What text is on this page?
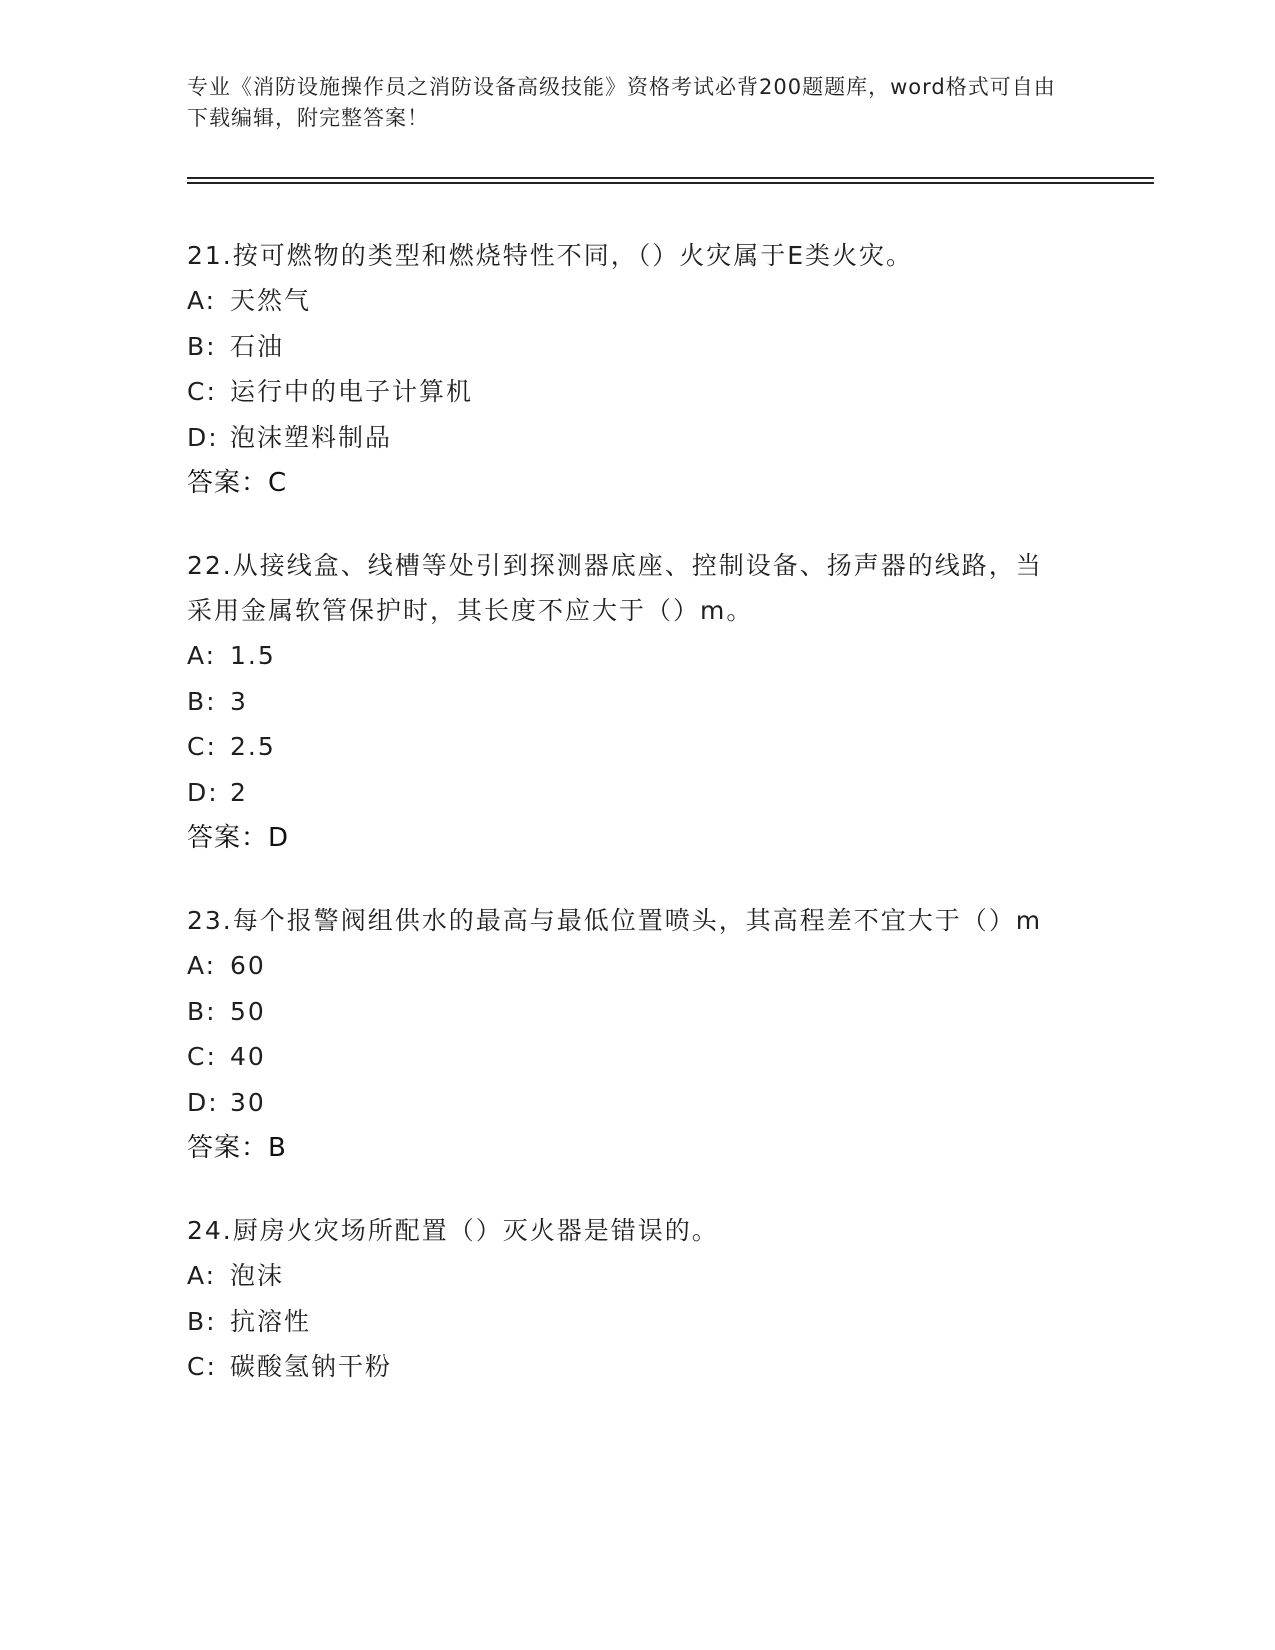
专业《消防设施操作员之消防设备高级技能》资格考试必背200题题库，word格式可自由下载编辑，附完整答案！

21.按可燃物的类型和燃烧特性不同，（）火灾属于E类火灾。

A: 天然气
B: 石油
C: 运行中的电子计算机
D: 泡沫塑料制品
答案：C

22.从接线盒、线槽等处引到探测器底座、控制设备、扬声器的线路，当采用金属软管保护时，其长度不应大于（）m。

A: 1.5
B: 3
C: 2.5
D: 2
答案：D

23.每个报警阀组供水的最高与最低位置喷头，其高程差不宜大于（）m

A: 60
B: 50
C: 40
D: 30
答案：B

24.厨房火灾场所配置（）灭火器是错误的。

A: 泡沫
B: 抗溶性
C: 碳酸氢钠干粉
